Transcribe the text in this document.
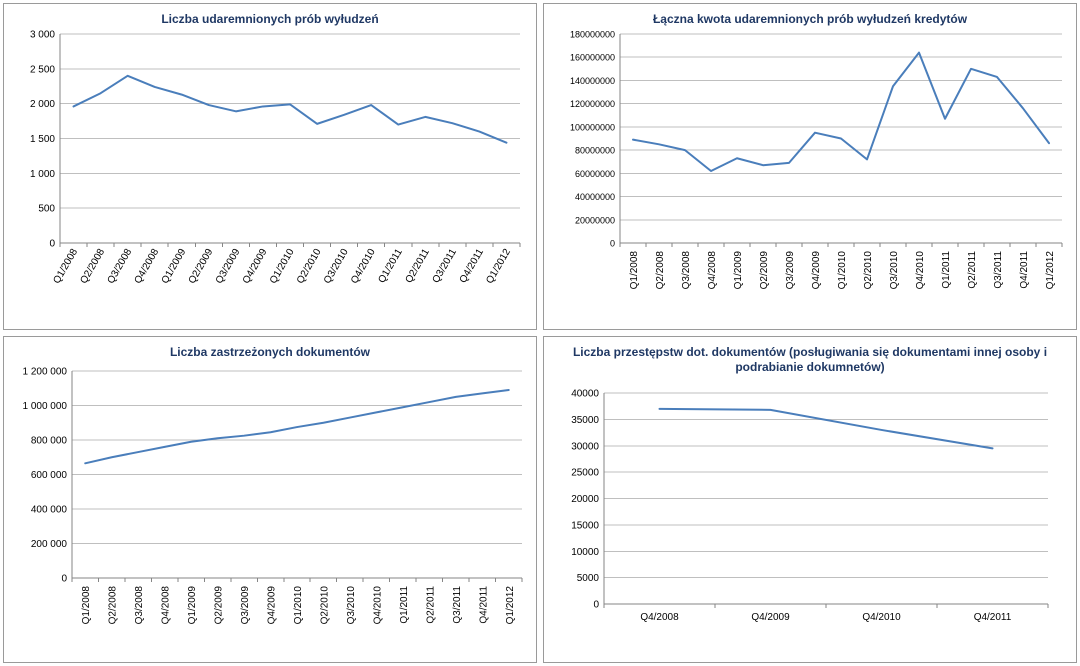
Liczba udaremnionych prób wyłudzeń
0
500
1 000
1 500
2 000
2 500
3 000
Q1/2008
Q2/2008
Q3/2008
Q4/2008
Q1/2009
Q2/2009
Q3/2009
Q4/2009
Q1/2010
Q2/2010
Q3/2010
Q4/2010
Q1/2011
Q2/2011
Q3/2011
Q4/2011
Q1/2012
Łączna kwota udaremnionych prób wyłudzeń kredytów
0
20000000
40000000
60000000
80000000
100000000
120000000
140000000
160000000
180000000
Q1/2008 Q2/2008 Q3/2008 Q4/2008 Q1/2009 Q2/2009 Q3/2009 Q4/2009 Q1/2010 Q2/2010 Q3/2010 Q4/2010 Q1/2011 Q2/2011 Q3/2011 Q4/2011 Q1/2012
Liczba zastrzeżonych dokumentów
0
200 000
400 000
600 000
800 000
1 000 000
1 200 000
Q1/2008 Q2/2008 Q3/2008 Q4/2008 Q1/2009 Q2/2009 Q3/2009 Q4/2009 Q1/2010 Q2/2010 Q3/2010 Q4/2010 Q1/2011 Q2/2011 Q3/2011 Q4/2011 Q1/2012
Liczba przestępstw dot. dokumentów (posługiwania się dokumentami innej osoby i podrabianie dokumnetów)
0
5000
10000
15000
20000
25000
30000
35000
40000
Q4/2008	Q4/2009	Q4/2010	Q4/2011
